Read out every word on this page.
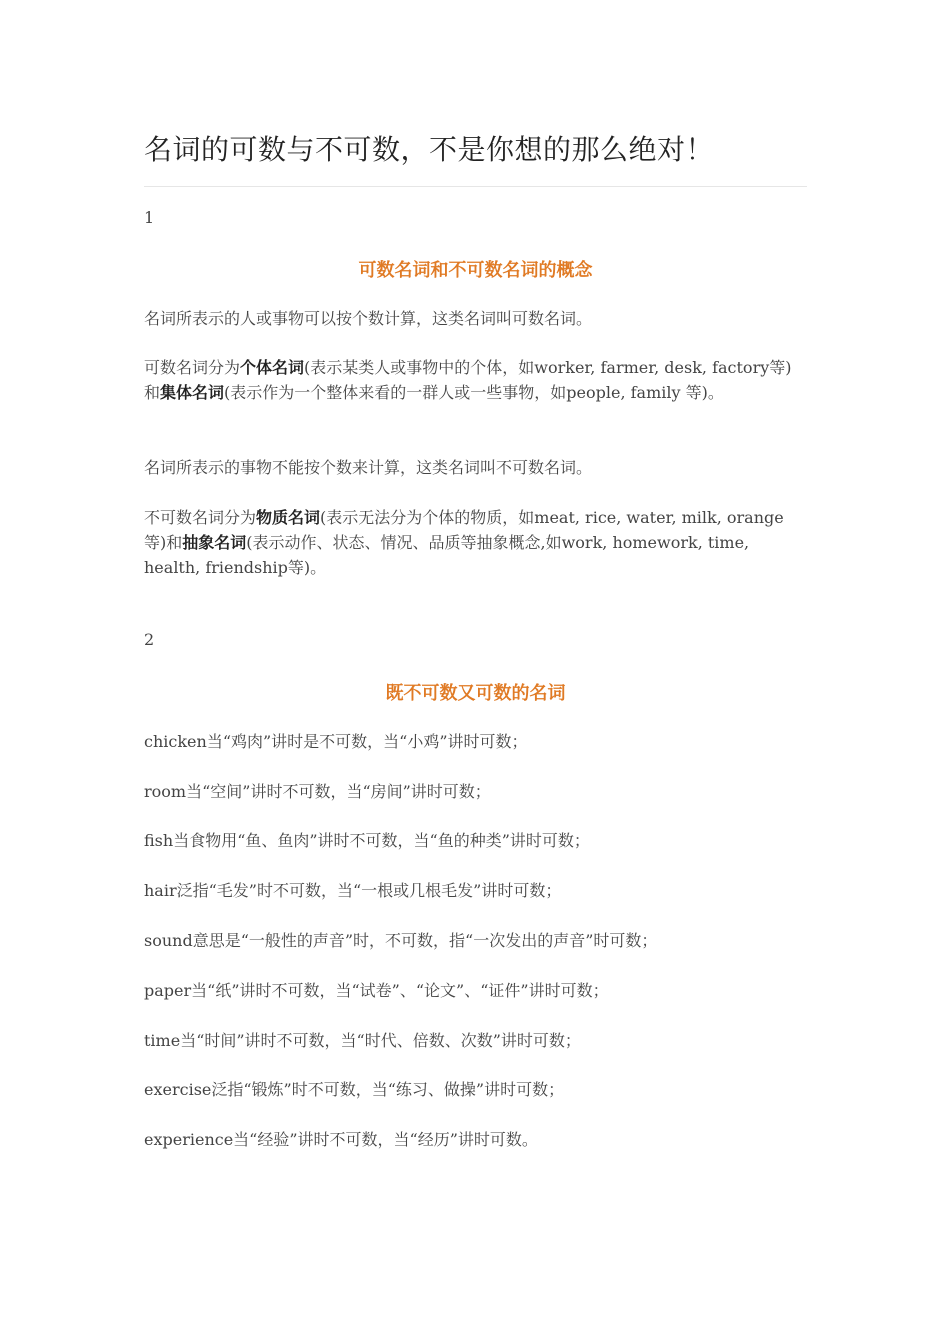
名词的可数与不可数，不是你想的那么绝对！
1
可数名词和不可数名词的概念
名词所表示的人或事物可以按个数计算，这类名词叫可数名词。
可数名词分为个体名词(表示某类人或事物中的个体，如worker, farmer, desk, factory等)和集体名词(表示作为一个整体来看的一群人或一些事物，如people, family 等)。
名词所表示的事物不能按个数来计算，这类名词叫不可数名词。
不可数名词分为物质名词(表示无法分为个体的物质，如meat, rice, water, milk, orange 等)和抽象名词(表示动作、状态、情况、品质等抽象概念,如work, homework, time, health, friendship等)。
2
既不可数又可数的名词
chicken当“鸡肉”讲时是不可数，当“小鸡”讲时可数；
room当“空间”讲时不可数，当“房间”讲时可数；
fish当食物用“鱼、鱼肉”讲时不可数，当“鱼的种类”讲时可数；
hair泛指“毛发”时不可数，当“一根或几根毛发”讲时可数；
sound意思是“一般性的声音”时，不可数，指“一次发出的声音”时可数；
paper当“纸”讲时不可数，当“试卷”、“论文”、“证件”讲时可数；
time当“时间”讲时不可数，当“时代、倍数、次数”讲时可数；
exercise泛指“锻炼”时不可数，当“练习、做操”讲时可数；
experience当“经验”讲时不可数，当“经历”讲时可数。
